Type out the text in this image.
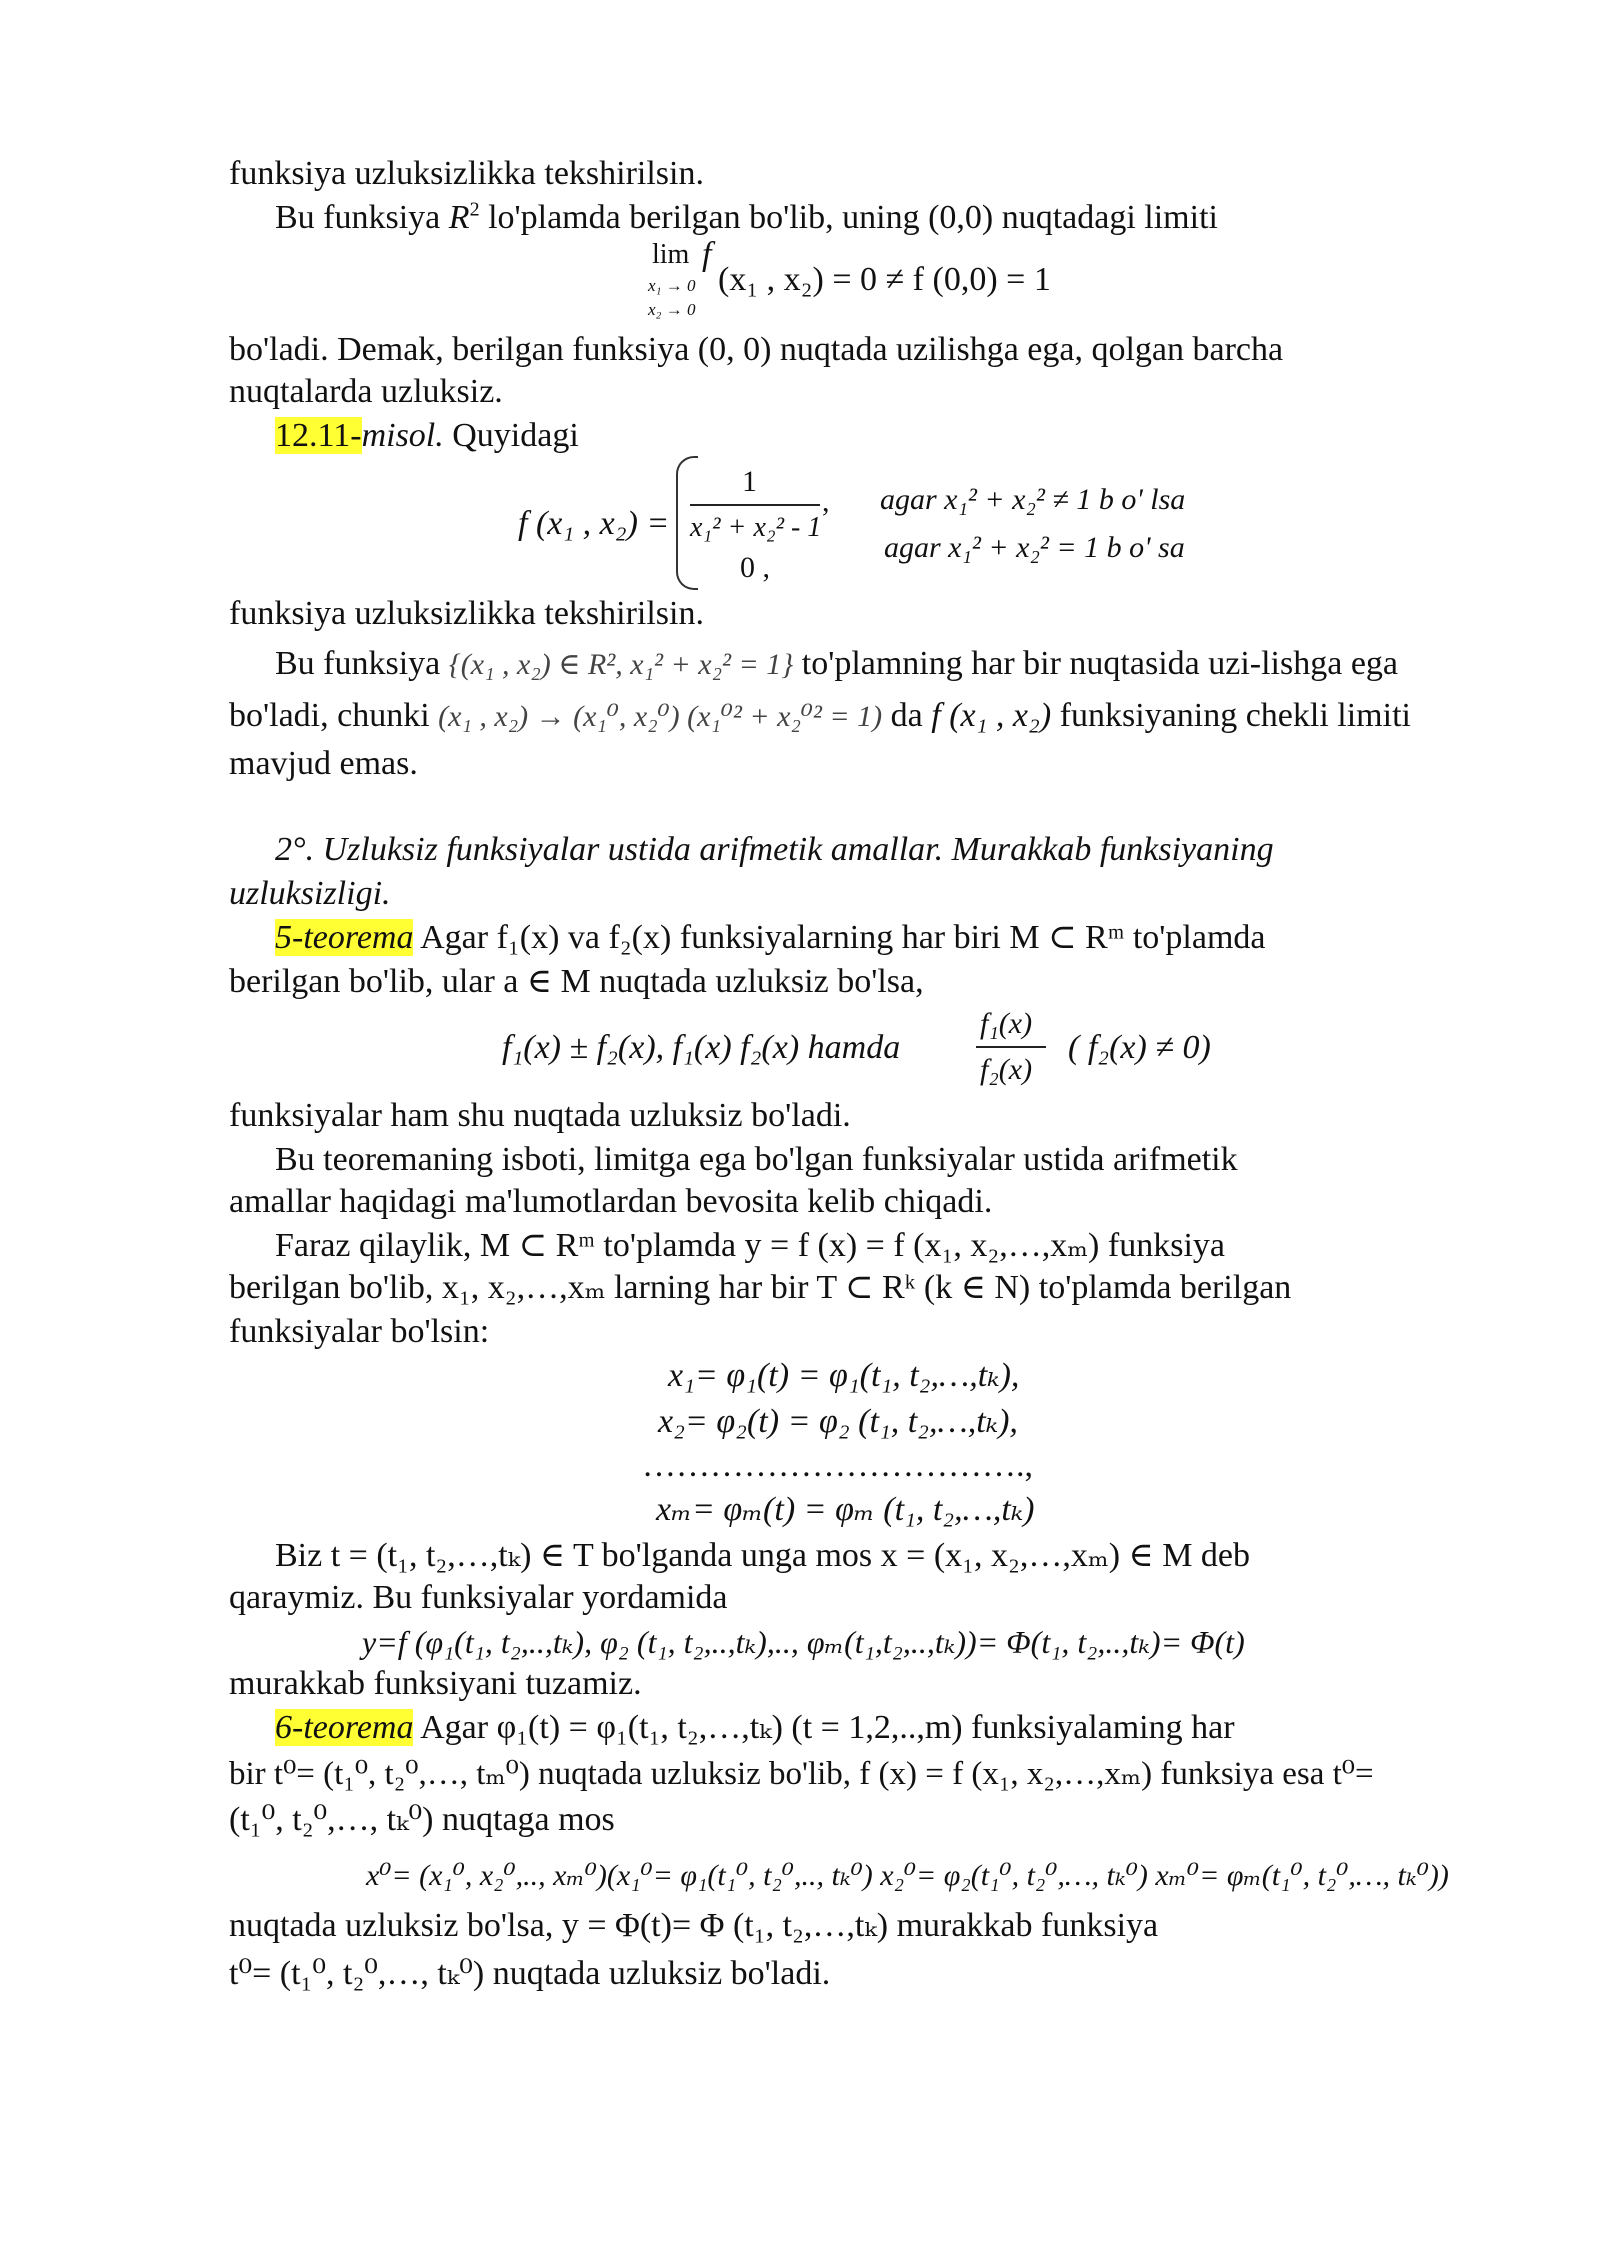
funksiya uzluksizlikka tekshirilsin.
Bu funksiya $R^2$ lo'plamda berilgan bo'lib, uning (0,0) nuqtadagi limiti
lim f
x₁ → 0
x₂ → 0
(x₁ , x₂) = 0 ≠ f (0,0) = 1
bo'ladi. Demak, berilgan funksiya (0, 0) nuqtada uzilishga ega, qolgan barcha
nuqtalarda uzluksiz.
12.11-misol. Quyidagi
f (x₁ , x₂) =
1
x₁² + x₂² - 1
,
0 ,
agar x₁² + x₂² ≠ 1 b o' lsa
agar x₁² + x₂² = 1 b o' sa
funksiya uzluksizlikka tekshirilsin.
Bu funksiya {(x₁ , x₂) ∈ R², x₁² + x₂² = 1} to'plamning har bir nuqtasida uzi-lishga ega
bo'ladi, chunki (x₁ , x₂) → (x₁⁰, x₂⁰) (x₁⁰² + x₂⁰² = 1) da f (x₁ , x₂) funksiyaning chekli limiti
mavjud emas.
2°. Uzluksiz funksiyalar ustida arifmetik amallar. Murakkab funksiyaning
uzluksizligi.
5-teorema Agar f₁(x) va f₂(x) funksiyalarning har biri M ⊂ Rᵐ to'plamda
berilgan bo'lib, ular a ∈ M nuqtada uzluksiz bo'lsa,
f₁(x) ± f₂(x), f₁(x) f₂(x) hamda
f₁(x)
f₂(x)
( f₂(x) ≠ 0)
funksiyalar ham shu nuqtada uzluksiz bo'ladi.
Bu teoremaning isboti, limitga ega bo'lgan funksiyalar ustida arifmetik
amallar haqidagi ma'lumotlardan bevosita kelib chiqadi.
Faraz qilaylik, M ⊂ Rᵐ to'plamda y = f (x) = f (x₁, x₂,…,xₘ) funksiya
berilgan bo'lib, x₁, x₂,…,xₘ larning har bir T ⊂ Rᵏ (k ∈ N) to'plamda berilgan
funksiyalar bo'lsin:
x₁= φ₁(t) = φ₁(t₁, t₂,…,tₖ),
x₂= φ₂(t) = φ₂ (t₁, t₂,…,tₖ),
…………………………….,
xₘ= φₘ(t) = φₘ (t₁, t₂,…,tₖ)
Biz t = (t₁, t₂,…,tₖ) ∈ T bo'lganda unga mos x = (x₁, x₂,…,xₘ) ∈ M deb
qaraymiz. Bu funksiyalar yordamida
y=f (φ₁(t₁, t₂,..,tₖ), φ₂ (t₁, t₂,..,tₖ),.., φₘ(t₁,t₂,..,tₖ))= Φ(t₁, t₂,..,tₖ)= Φ(t)
murakkab funksiyani tuzamiz.
6-teorema Agar φ₁(t) = φ₁(t₁, t₂,…,tₖ) (t = 1,2,..,m) funksiyalaming har
bir t⁰= (t₁⁰, t₂⁰,…, tₘ⁰) nuqtada uzluksiz bo'lib, f (x) = f (x₁, x₂,…,xₘ) funksiya esa t⁰=
(t₁⁰, t₂⁰,…, tₖ⁰) nuqtaga mos
x⁰= (x₁⁰, x₂⁰,.., xₘ⁰)(x₁⁰= φ₁(t₁⁰, t₂⁰,.., tₖ⁰) x₂⁰= φ₂(t₁⁰, t₂⁰,…, tₖ⁰) xₘ⁰= φₘ(t₁⁰, t₂⁰,…, tₖ⁰))
nuqtada uzluksiz bo'lsa, y = Φ(t)= Φ (t₁, t₂,…,tₖ) murakkab funksiya
t⁰= (t₁⁰, t₂⁰,…, tₖ⁰) nuqtada uzluksiz bo'ladi.
